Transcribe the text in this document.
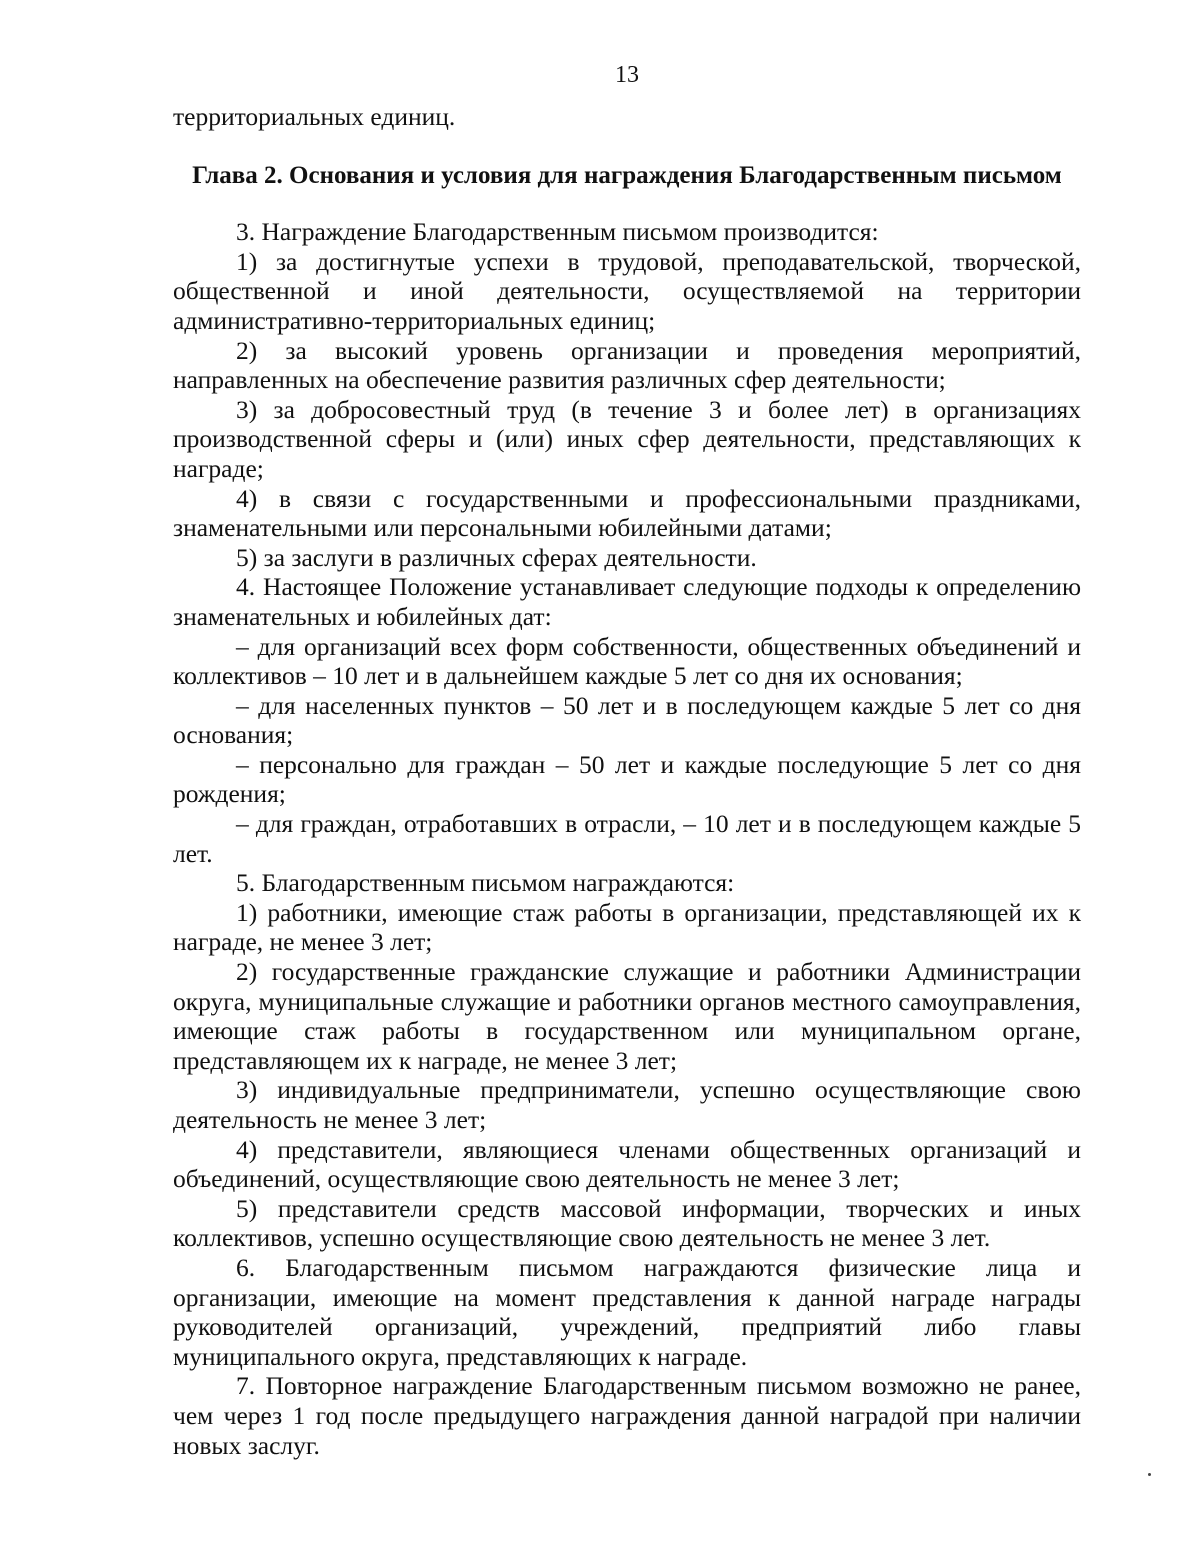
13

территориальных единиц.

Глава 2. Основания и условия для награждения Благодарственным письмом

3. Награждение Благодарственным письмом производится:

1) за достигнутые успехи в трудовой, преподавательской, творческой, общественной и иной деятельности, осуществляемой на территории административно-территориальных единиц;

2) за высокий уровень организации и проведения мероприятий, направленных на обеспечение развития различных сфер деятельности;

3) за добросовестный труд (в течение 3 и более лет) в организациях производственной сферы и (или) иных сфер деятельности, представляющих к награде;

4) в связи с государственными и профессиональными праздниками, знаменательными или персональными юбилейными датами;

5) за заслуги в различных сферах деятельности.

4. Настоящее Положение устанавливает следующие подходы к определению знаменательных и юбилейных дат:

– для организаций всех форм собственности, общественных объединений и коллективов – 10 лет и в дальнейшем каждые 5 лет со дня их основания;

– для населенных пунктов – 50 лет и в последующем каждые 5 лет со дня основания;

– персонально для граждан – 50 лет и каждые последующие 5 лет со дня рождения;

– для граждан, отработавших в отрасли, – 10 лет и в последующем каждые 5 лет.

5. Благодарственным письмом награждаются:

1) работники, имеющие стаж работы в организации, представляющей их к награде, не менее 3 лет;

2) государственные гражданские служащие и работники Администрации округа, муниципальные служащие и работники органов местного самоуправления, имеющие стаж работы в государственном или муниципальном органе, представляющем их к награде, не менее 3 лет;

3) индивидуальные предприниматели, успешно осуществляющие свою деятельность не менее 3 лет;

4) представители, являющиеся членами общественных организаций и объединений, осуществляющие свою деятельность не менее 3 лет;

5) представители средств массовой информации, творческих и иных коллективов, успешно осуществляющие свою деятельность не менее 3 лет.

6. Благодарственным письмом награждаются физические лица и организации, имеющие на момент представления к данной награде награды руководителей организаций, учреждений, предприятий либо главы муниципального округа, представляющих к награде.

7. Повторное награждение Благодарственным письмом возможно не ранее, чем через 1 год после предыдущего награждения данной наградой при наличии новых заслуг.
